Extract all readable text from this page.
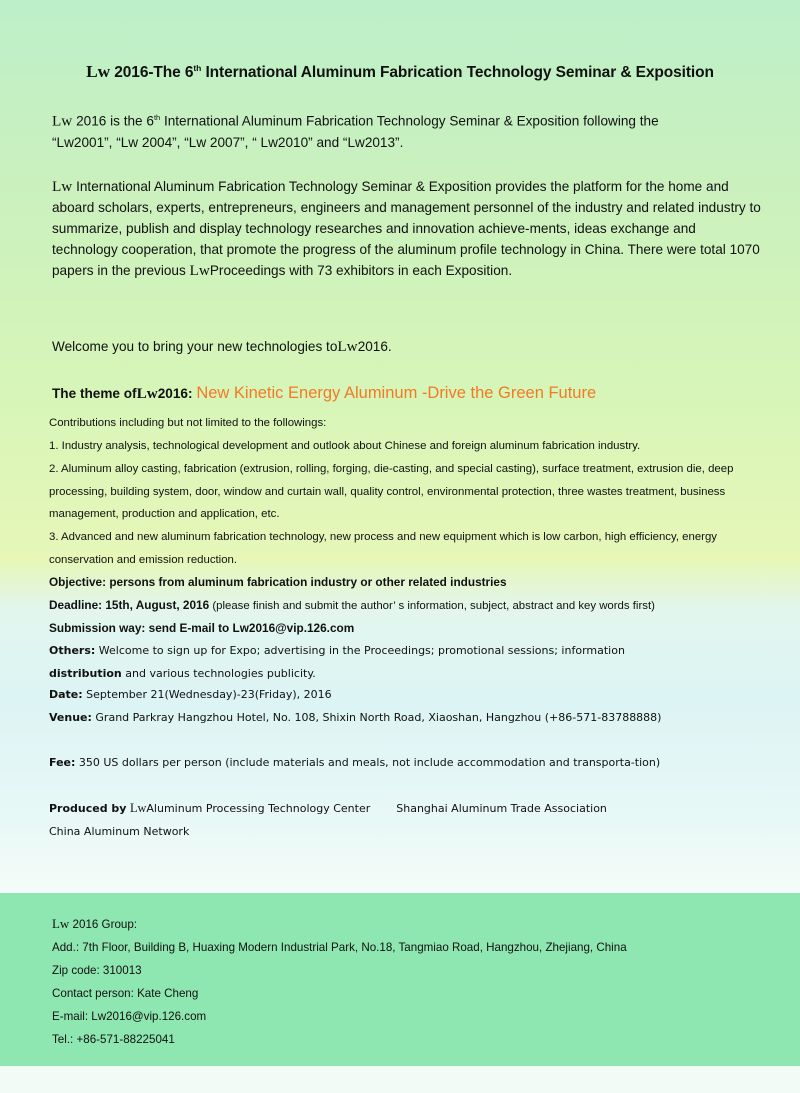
Lw 2016-The 6th International Aluminum Fabrication Technology Seminar & Exposition

Lw 2016 is the 6th International Aluminum Fabrication Technology Seminar & Exposition following the
“Lw2001”, “Lw 2004”, “Lw 2007”, “ Lw2010” and “Lw2013”.

Lw International Aluminum Fabrication Technology Seminar & Exposition provides the platform for the home and aboard scholars, experts, entrepreneurs, engineers and management personnel of the industry and related industry to summarize, publish and display technology researches and innovation achieve-ments, ideas exchange and technology cooperation, that promote the progress of the aluminum profile technology in China. There were total 1070 papers in the previous LwProceedings with 73 exhibitors in each Exposition.

Welcome you to bring your new technologies toLw2016.

The theme ofLw2016: New Kinetic Energy Aluminum -Drive the Green Future

Contributions including but not limited to the followings:

1. Industry analysis, technological development and outlook about Chinese and foreign aluminum fabrication industry.

2. Aluminum alloy casting, fabrication (extrusion, rolling, forging, die-casting, and special casting), surface treatment, extrusion die, deep processing, building system, door, window and curtain wall, quality control, environmental protection, three wastes treatment, business management, production and application, etc.

3. Advanced and new aluminum fabrication technology, new process and new equipment which is low carbon, high efficiency, energy conservation and emission reduction.

Objective: persons from aluminum fabrication industry or other related industries

Deadline: 15th, August, 2016 (please finish and submit the author’ s information, subject, abstract and key words first)

Submission way: send E-mail to Lw2016@vip.126.com

Others: Welcome to sign up for Expo; advertising in the Proceedings; promotional sessions; information
distribution and various technologies publicity.

Date: September 21(Wednesday)-23(Friday), 2016

Venue: Grand Parkray Hangzhou Hotel, No. 108, Shixin North Road, Xiaoshan, Hangzhou (+86-571-83788888)

Fee: 350 US dollars per person (include materials and meals, not include accommodation and transporta-tion)

Produced by LwAluminum Processing Technology Center Shanghai Aluminum Trade Association
China Aluminum Network

Lw 2016 Group:

Add.: 7th Floor, Building B, Huaxing Modern Industrial Park, No.18, Tangmiao Road, Hangzhou, Zhejiang, China

Zip code: 310013

Contact person: Kate Cheng

E-mail: Lw2016@vip.126.com

Tel.: +86-571-88225041
